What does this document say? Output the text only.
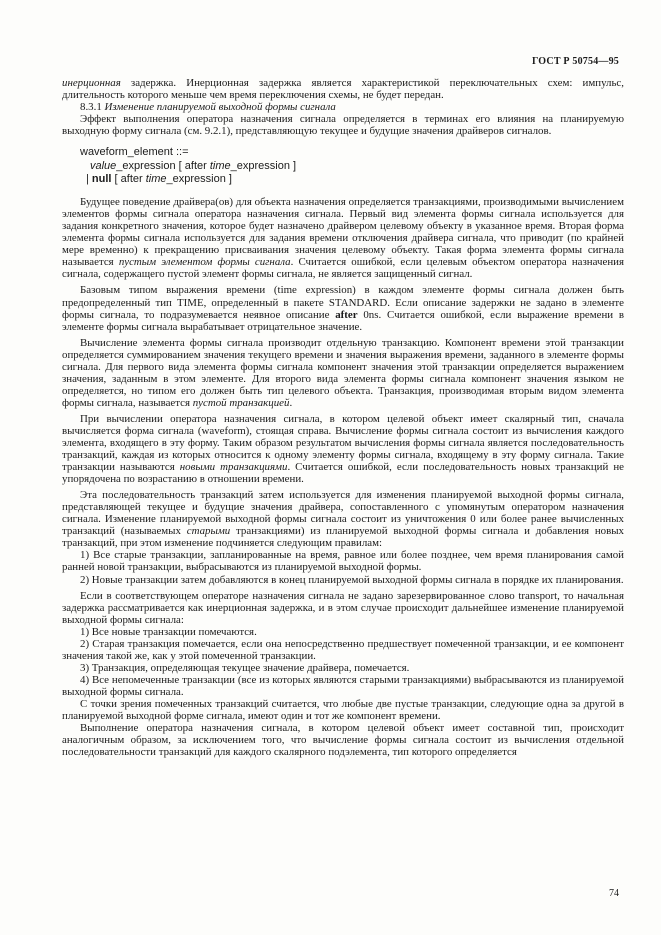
ГОСТ Р 50754—95

инерционная задержка. Инерционная задержка является характеристикой переключательных схем: импульс, длительность которого меньше чем время переключения схемы, не будет передан.

8.3.1 Изменение планируемой выходной формы сигнала

Эффект выполнения оператора назначения сигнала определяется в терминах его влияния на планируемую выходную форму сигнала (см. 9.2.1), представляющую текущее и будущие значения драйверов сигналов.

waveform_element ::=
value_expression [ after time_expression ]
| null [ after time_expression ]

Будущее поведение драйвера(ов) для объекта назначения определяется транзакциями, производимыми вычислением элементов формы сигнала оператора назначения сигнала. Первый вид элемента формы сигнала используется для задания конкретного значения, которое будет назначено драйвером целевому объекту в указанное время. Вторая форма элемента формы сигнала используется для задания времени отключения драйвера сигнала, что приводит (по крайней мере временно) к прекращению присваивания значения целевому объекту. Такая форма элемента формы сигнала называется пустым элементом формы сигнала. Считается ошибкой, если целевым объектом оператора назначения сигнала, содержащего пустой элемент формы сигнала, не является защищенный сигнал.

Базовым типом выражения времени (time expression) в каждом элементе формы сигнала должен быть предопределенный тип TIME, определенный в пакете STANDARD. Если описание задержки не задано в элементе формы сигнала, то подразумевается неявное описание after 0ns. Считается ошибкой, если выражение времени в элементе формы сигнала вырабатывает отрицательное значение.

Вычисление элемента формы сигнала производит отдельную транзакцию. Компонент времени этой транзакции определяется суммированием значения текущего времени и значения выражения времени, заданного в элементе формы сигнала. Для первого вида элемента формы сигнала компонент значения этой транзакции определяется выражением значения, заданным в этом элементе. Для второго вида элемента формы сигнала компонент значения языком не определяется, но типом его должен быть тип целевого объекта. Транзакция, производимая вторым видом элемента формы сигнала, называется пустой транзакцией.

При вычислении оператора назначения сигнала, в котором целевой объект имеет скалярный тип, сначала вычисляется форма сигнала (waveform), стоящая справа. Вычисление формы сигнала состоит из вычисления каждого элемента, входящего в эту форму. Таким образом результатом вычисления формы сигнала является последовательность транзакций, каждая из которых относится к одному элементу формы сигнала, входящему в эту форму сигнала. Такие транзакции называются новыми транзакциями. Считается ошибкой, если последовательность новых транзакций не упорядочена по возрастанию в отношении времени.

Эта последовательность транзакций затем используется для изменения планируемой выходной формы сигнала, представляющей текущее и будущие значения драйвера, сопоставленного с упомянутым оператором назначения сигнала. Изменение планируемой выходной формы сигнала состоит из уничтожения 0 или более ранее вычисленных транзакций (называемых старыми транзакциями) из планируемой выходной формы сигнала и добавления новых транзакций, при этом изменение подчиняется следующим правилам:

1) Все старые транзакции, запланированные на время, равное или более позднее, чем время планирования самой ранней новой транзакции, выбрасываются из планируемой выходной формы.

2) Новые транзакции затем добавляются в конец планируемой выходной формы сигнала в порядке их планирования.

Если в соответствующем операторе назначения сигнала не задано зарезервированное слово transport, то начальная задержка рассматривается как инерционная задержка, и в этом случае происходит дальнейшее изменение планируемой выходной формы сигнала:

1) Все новые транзакции помечаются.

2) Старая транзакция помечается, если она непосредственно предшествует помеченной транзакции, и ее компонент значения такой же, как у этой помеченной транзакции.

3) Транзакция, определяющая текущее значение драйвера, помечается.

4) Все непомеченные транзакции (все из которых являются старыми транзакциями) выбрасываются из планируемой выходной формы сигнала.

С точки зрения помеченных транзакций считается, что любые две пустые транзакции, следующие одна за другой в планируемой выходной форме сигнала, имеют один и тот же компонент времени.

Выполнение оператора назначения сигнала, в котором целевой объект имеет составной тип, происходит аналогичным образом, за исключением того, что вычисление формы сигнала состоит из вычисления отдельной последовательности транзакций для каждого скалярного подэлемента, тип которого определяется

74
